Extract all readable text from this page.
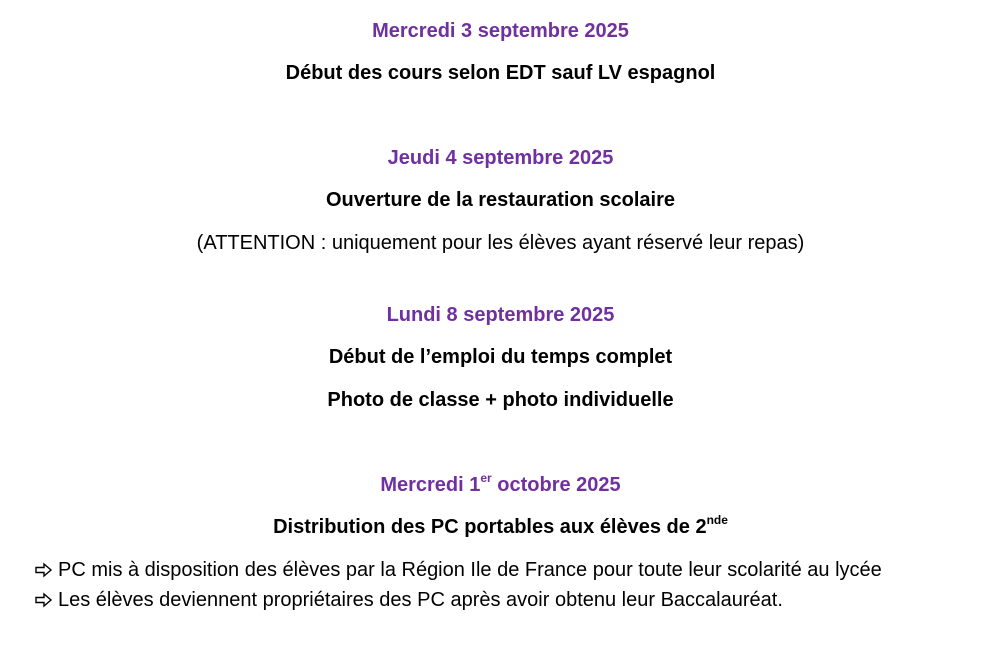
Mercredi 3 septembre 2025
Début des cours selon EDT sauf LV espagnol
Jeudi 4 septembre 2025
Ouverture de la restauration scolaire
(ATTENTION : uniquement pour les élèves ayant réservé leur repas)
Lundi 8 septembre 2025
Début de l’emploi du temps complet
Photo de classe + photo individuelle
Mercredi 1er octobre 2025
Distribution des PC portables aux élèves de 2nde
PC mis à disposition des élèves par la Région Ile de France pour toute leur scolarité au lycée
Les élèves deviennent propriétaires des PC après avoir obtenu leur Baccalauréat.
